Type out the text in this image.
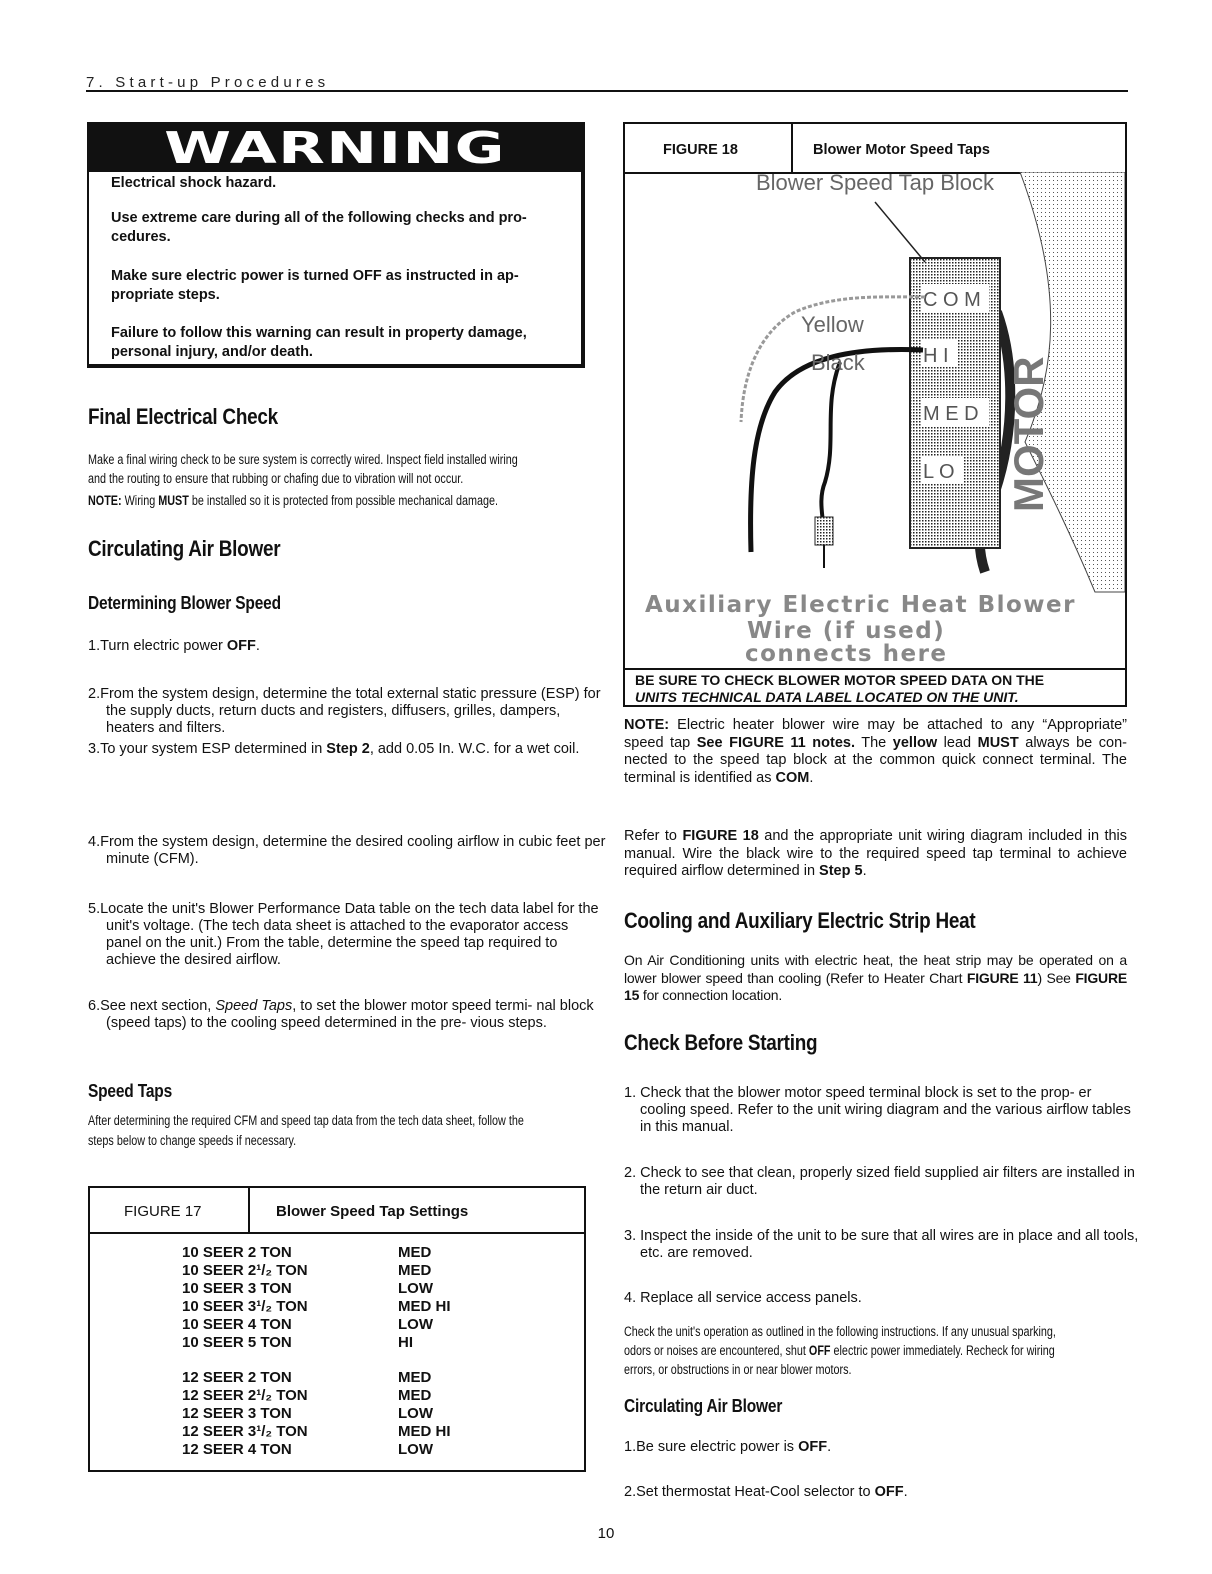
7. Start-up Procedures
WARNING

Electrical shock hazard.

Use extreme care during all of the following checks and pro- cedures.

Make sure electric power is turned OFF as instructed in ap- propriate steps.

Failure to follow this warning can result in property damage, personal injury, and/or death.

Final Electrical Check

Make a final wiring check to be sure system is correctly wired. Inspect field installed wiring

and the routing to ensure that rubbing or chafing due to vibration will not occur.

NOTE: Wiring MUST be installed so it is protected from possible mechanical damage.

Circulating Air Blower
Determining Blower Speed

1.Turn electric power OFF.

2.From the system design, determine the total external static pressure (ESP) for the supply ducts, return ducts and registers, diffusers, grilles, dampers, heaters and filters.

3.To your system ESP determined in Step 2, add 0.05 In. W.C. for a wet coil.

4.From the system design, determine the desired cooling airflow in cubic feet per minute (CFM).

5.Locate the unit's Blower Performance Data table on the tech data label for the unit's voltage. (The tech data sheet is attached to the evaporator access panel on the unit.) From the table, determine the speed tap required to achieve the desired airflow.

6.See next section, Speed Taps, to set the blower motor speed termi- nal block (speed taps) to the cooling speed determined in the pre- vious steps.

Speed Taps

After determining the required CFM and speed tap data from the tech data sheet, follow the

steps below to change speeds if necessary.

FIGURE 17	Blower Speed Tap Settings
10 SEER 2 TON	MED
10 SEER 2¹/₂ TON	MED
10 SEER 3 TON	LOW
10 SEER 3¹/₂ TON	MED HI
10 SEER 4 TON	LOW
10 SEER 5 TON	HI
12 SEER 2 TON	MED
12 SEER 2¹/₂ TON	MED
12 SEER 3 TON	LOW
12 SEER 3¹/₂ TON	MED HI
12 SEER 4 TON	LOW
FIGURE 18	Blower Motor Speed Taps
C O M
H I
M E D
L O MOTOR
Blower Speed Tap Block
Yellow
Black
Auxiliary Electric Heat Blower
Wire (if used)
connects here

BE SURE TO CHECK BLOWER MOTOR SPEED DATA ON THE

UNITS TECHNICAL DATA LABEL LOCATED ON THE UNIT.

NOTE: Electric heater blower wire may be attached to any “Appropriate” speed tap See FIGURE 11 notes. The yellow lead MUST always be con- nected to the speed tap block at the common quick connect terminal. The terminal is identified as COM.

Refer to FIGURE 18 and the appropriate unit wiring diagram included in this manual. Wire the black wire to the required speed tap terminal to achieve required airflow determined in Step 5.

Cooling and Auxiliary Electric Strip Heat

On Air Conditioning units with electric heat, the heat strip may be operated on a lower blower speed than cooling (Refer to Heater Chart FIGURE 11) See FIGURE 15 for connection location.

Check Before Starting

1. Check that the blower motor speed terminal block is set to the prop- er cooling speed. Refer to the unit wiring diagram and the various airflow tables in this manual.

2. Check to see that clean, properly sized field supplied air filters are installed in the return air duct.

3. Inspect the inside of the unit to be sure that all wires are in place and all tools, etc. are removed.

4. Replace all service access panels.

Check the unit's operation as outlined in the following instructions. If any unusual sparking,

odors or noises are encountered, shut OFF electric power immediately. Recheck for wiring

errors, or obstructions in or near blower motors.

Circulating Air Blower

1.Be sure electric power is OFF.

2.Set thermostat Heat-Cool selector to OFF.

10
